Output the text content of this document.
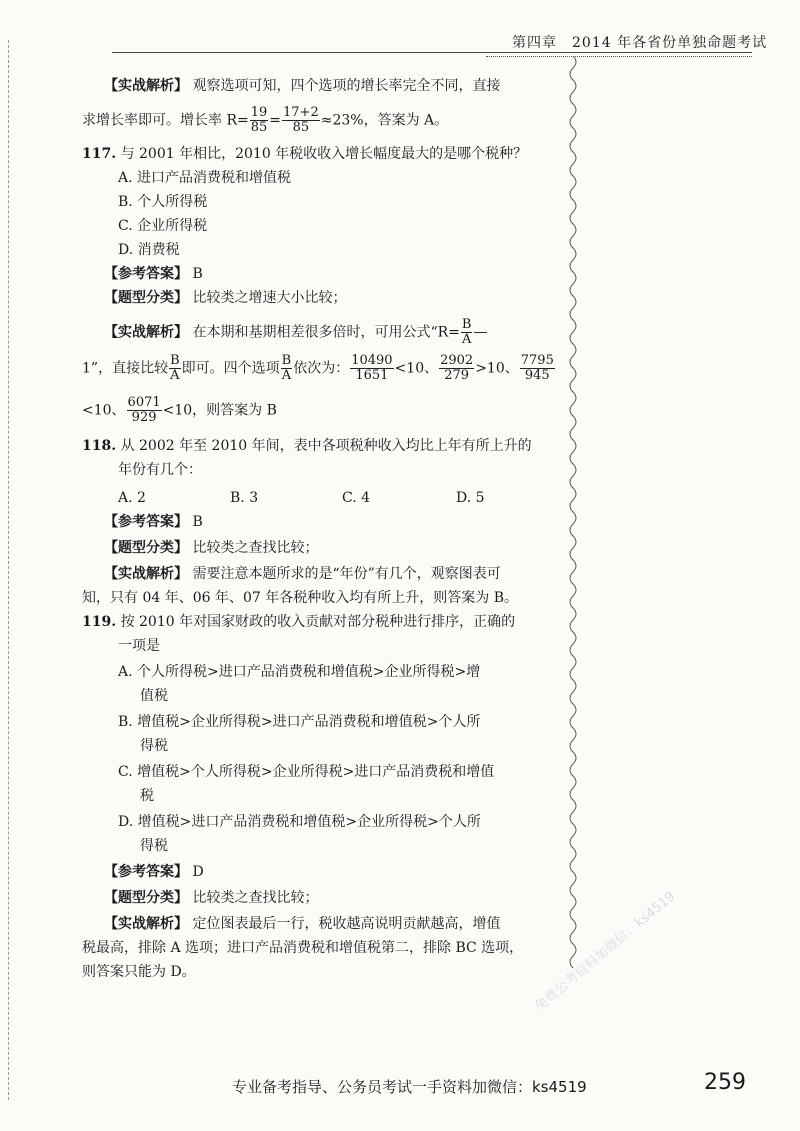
第四章　2014 年各省份单独命题考试
【实战解析】 观察选项可知，四个选项的增长率完全不同，直接
求增长率即可。增长率 $R= \frac{19}{85} = \frac{17+2}{85} \approx 23\%$，答案为 A。
117. 与 2001 年相比，2010 年税收收入增长幅度最大的是哪个税种？
A. 进口产品消费税和增值税
B. 个人所得税
C. 企业所得税
D. 消费税
【参考答案】 B
【题型分类】 比较类之增速大小比较；
【实战解析】 在本期和基期相差很多倍时，可用公式“$R= \frac{B}{A}$ —
1”，直接比较 $\frac{B}{A}$ 即可。四个选项 $\frac{B}{A}$ 依次为： $\frac{10490}{1651} <10$、 $\frac{2902}{279} >10$、 $\frac{7795}{945}$
<10、 $\frac{6071}{929} <10$，则答案为 B
118. 从 2002 年至 2010 年间，表中各项税种收入均比上年有所上升的
年份有几个：
A. 2	B. 3	C. 4	D. 5
【参考答案】 B
【题型分类】 比较类之查找比较；
【实战解析】 需要注意本题所求的是“年份”有几个，观察图表可
知，只有 04 年、06 年、07 年各税种收入均有所上升，则答案为 B。
119. 按 2010 年对国家财政的收入贡献对部分税种进行排序，正确的
一项是
A. 个人所得税>进口产品消费税和增值税>企业所得税>增
值税
B. 增值税>企业所得税>进口产品消费税和增值税>个人所
得税
C. 增值税>个人所得税>企业所得税>进口产品消费税和增值
税
D. 增值税>进口产品消费税和增值税>企业所得税>个人所
得税
【参考答案】 D
【题型分类】 比较类之查找比较；
【实战解析】 定位图表最后一行，税收越高说明贡献越高，增值
税最高，排除 A 选项；进口产品消费税和增值税第二，排除 BC 选项，
则答案只能为 D。	免费公考资料加微信：ks4519
专业备考指导、公务员考试一手资料加微信：ks4519	259
